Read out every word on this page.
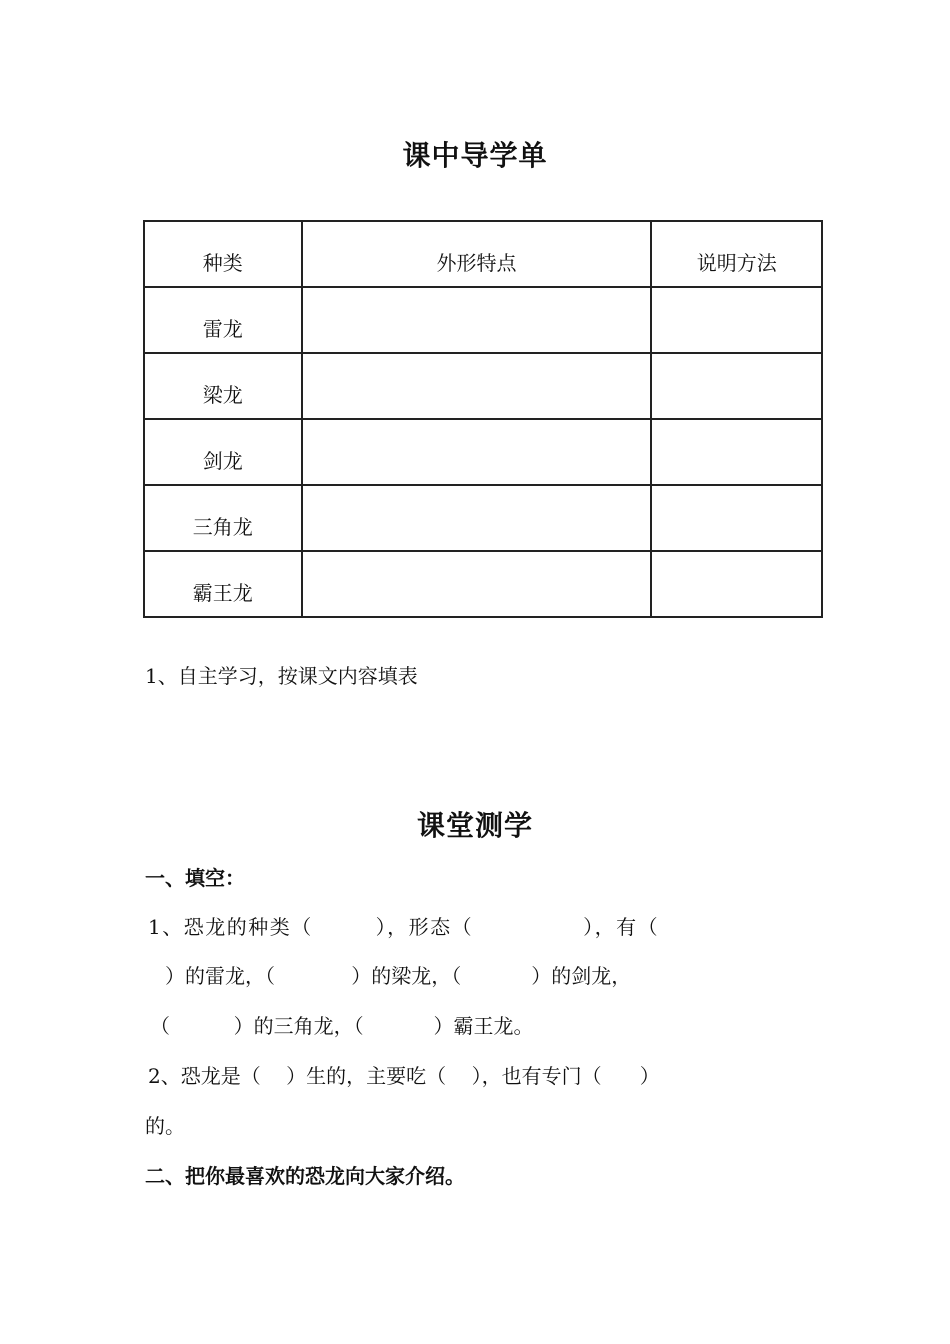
课中导学单
种类	外形特点	说明方法
雷龙		
梁龙		
剑龙		
三角龙		
霸王龙		
1、自主学习，按课文内容填表
课堂测学
一、填空：
1、恐龙的种类（        ），形态（              ），有（
）的雷龙，（            ）的梁龙，（           ）的剑龙，
（          ）的三角龙，（           ）霸王龙。
2、恐龙是（    ）生的，主要吃（    ），也有专门（      ）
的。
二、把你最喜欢的恐龙向大家介绍。
